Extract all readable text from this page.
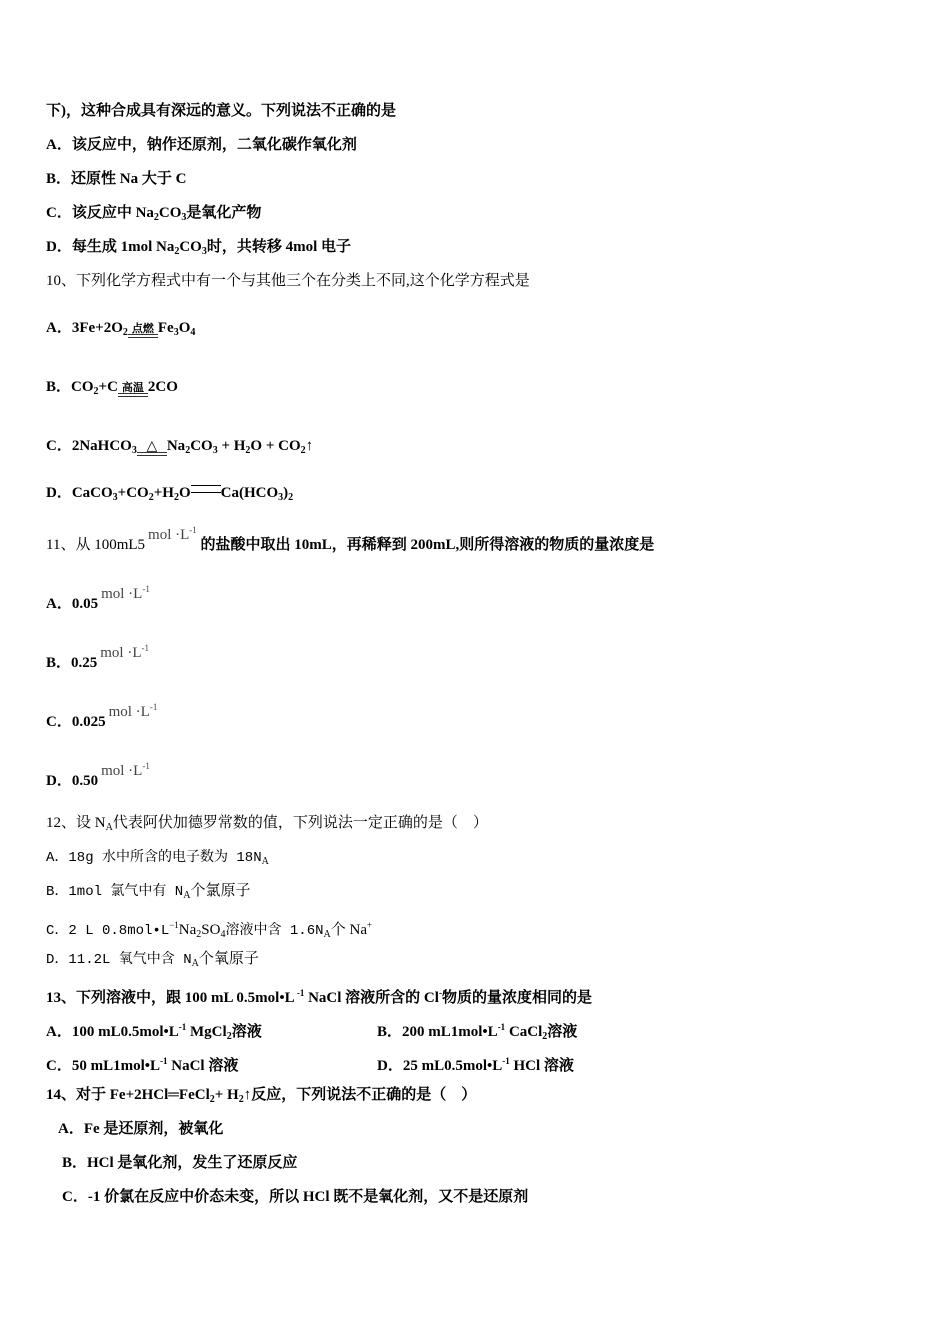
下)，这种合成具有深远的意义。下列说法不正确的是
A．该反应中，钠作还原剂，二氧化碳作氧化剂
B．还原性 Na 大于 C
C．该反应中 $Na_2CO_3$是氧化产物
D．每生成 1mol $Na_2CO_3$时，共转移 4mol 电子
10、下列化学方程式中有一个与其他三个在分类上不同,这个化学方程式是
A．$3Fe+2O_2$ 点燃 $Fe_3O_4$
B．$CO_2+C$ 高温 2CO
C．2NaHCO$_3$ △ $Na_2CO_3 + H_2O$ + $CO_2↑$
D．$CaCO_3+CO_2+H_2O$ $Ca(HCO_3)_2$
11、从 $100mL5mol \cdot L^{-1}$ 的盐酸中取出 10mL，再稀释到 200mL,则所得溶液的物质的量浓度是
A．$0.05mol \cdot L^{-1}$
B．$0.25mol \cdot L^{-1}$
C．$0.025mol \cdot L^{-1}$
D．$0.50mol \cdot L^{-1}$
12、设 $N_A$代表阿伏加德罗常数的值，下列说法一定正确的是（　）
A．18g 水中所含的电子数为 $18N_A$
B．1mol 氯气中有 $N_A$个氯原子
C．2 L $0.8mol•L^{-1}Na_2SO_4$溶液中含 $1.6N_A$个 Na+
D．11.2L 氧气中含 $N_A$个氧原子
13、下列溶液中，跟 100 mL 0.5mol•L $^{-1}$ NaCl 溶液所含的 Cl-物质的量浓度相同的是
A．100 $mL0.5mol•L^{-1}$ MgCl$_2$溶液	B．200 $mL1mol•L^{-1}$ CaCl$_2$溶液
C．50 $mL1mol•L^{-1}$ NaCl 溶液	D．25 $mL0.5mol•L^{-1}$ HCl 溶液
14、对于 Fe+2HCl═FeCl$_2$+ $H_2↑$反应，下列说法不正确的是（　）
A．Fe 是还原剂，被氧化
B．HCl 是氧化剂，发生了还原反应
C．-1 价氯在反应中价态未变，所以 HCl 既不是氧化剂，又不是还原剂
